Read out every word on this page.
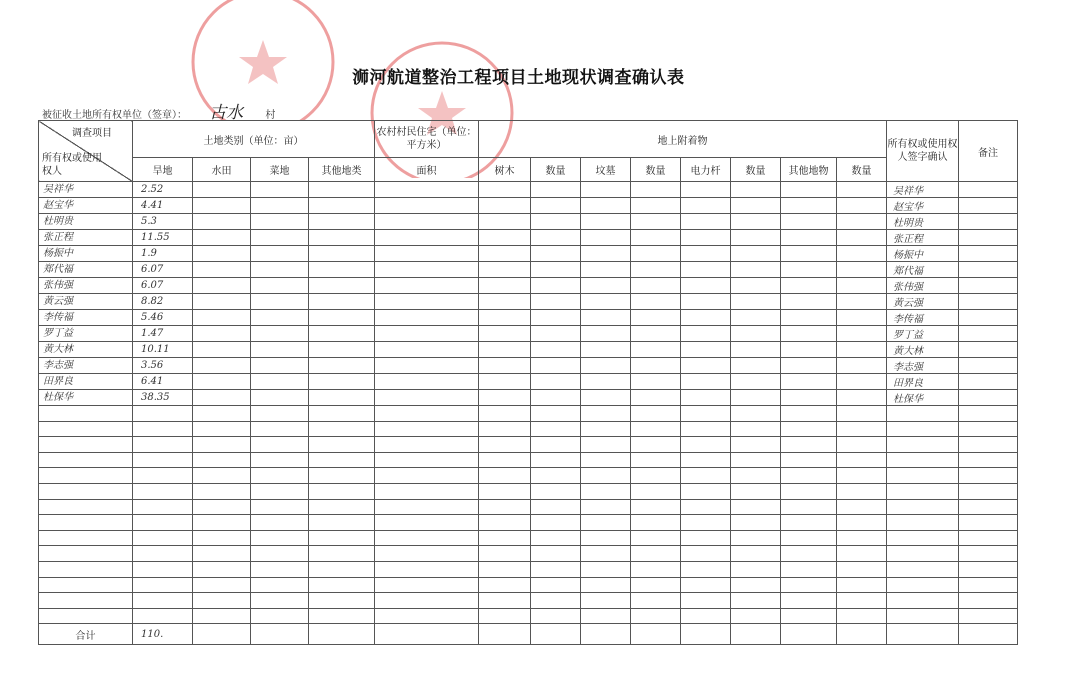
浉河航道整治工程项目土地现状调查确认表
被征收土地所有权单位（签章）： 古水 村
调查项目
所有权或使用权人	土地类别（单位：亩）				农村村民住宅（单位：平方米）	地上附着物								所有权或使用权人签字确认	备注
	旱地	水田	菜地	其他地类	面积	树木	数量	坟墓	数量	电力杆	数量	其他地物	数量		
吴祥华	2.52													吴祥华	
赵宝华	4.41													赵宝华	
杜明贵	5.3													杜明贵	
张正程	11.55													张正程	
杨振中	1.9													杨振中	
郑代福	6.07													郑代福	
张伟强	6.07													张伟强	
黄云强	8.82													黄云强	
李传福	5.46													李传福	
罗丁益	1.47													罗丁益	
黄大林	10.11													黄大林	
李志强	3.56													李志强	
田界良	6.41													田界良	
杜保华	38.35													杜保华	

合计	110.														
